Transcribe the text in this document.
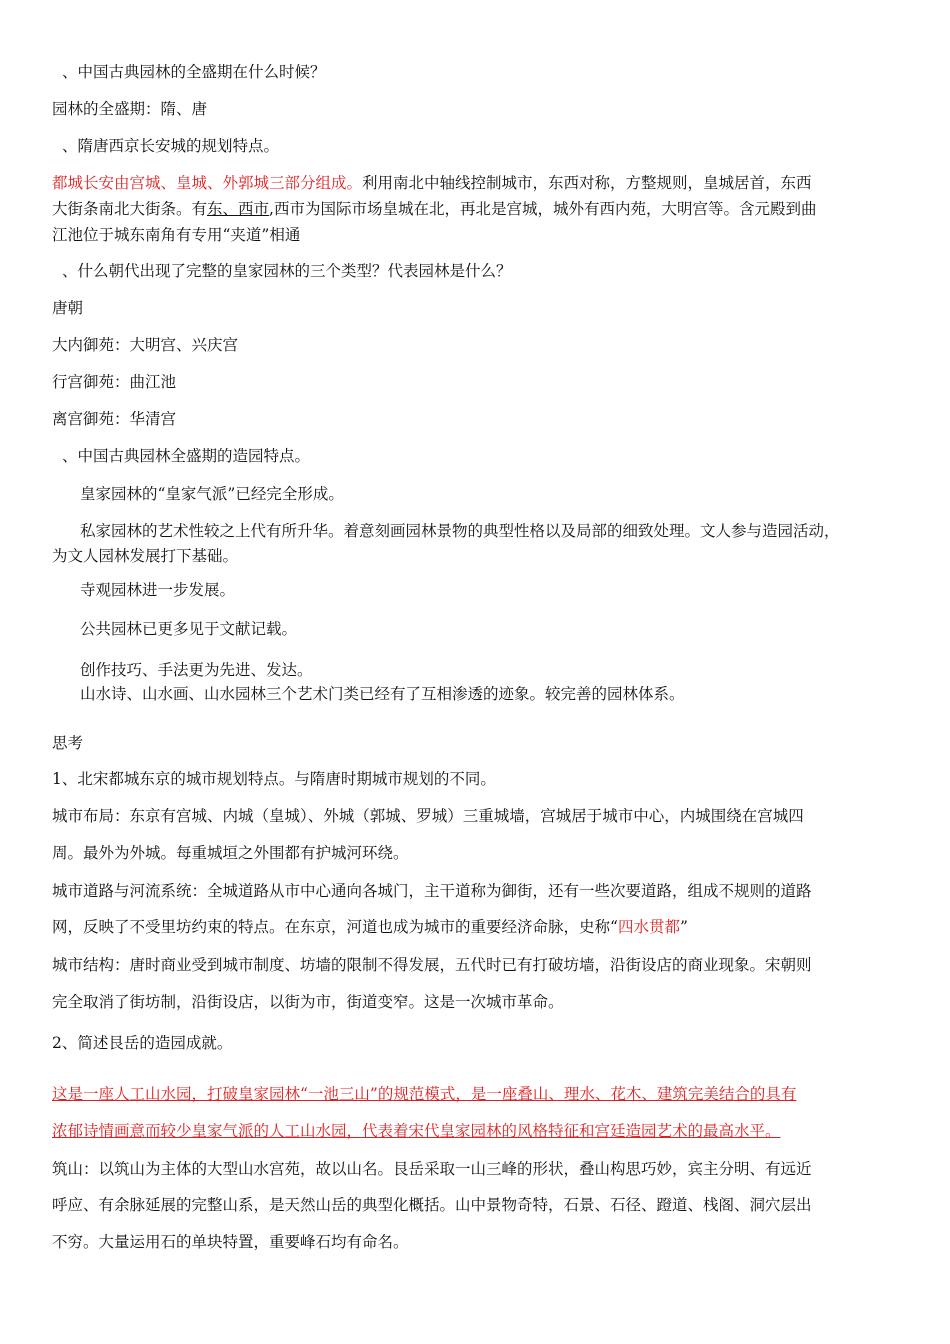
、中国古典园林的全盛期在什么时候？
园林的全盛期：隋、唐
、隋唐西京长安城的规划特点。
都城长安由宫城、皇城、外郭城三部分组成。利用南北中轴线控制城市，东西对称，方整规则，皇城居首，东西
大街条南北大街条。有东、西市,西市为国际市场皇城在北，再北是宫城，城外有西内苑，大明宫等。含元殿到曲
江池位于城东南角有专用“夹道”相通
、什么朝代出现了完整的皇家园林的三个类型？代表园林是什么？
唐朝
大内御苑：大明宫、兴庆宫
行宫御苑：曲江池
离宫御苑：华清宫
、中国古典园林全盛期的造园特点。
皇家园林的“皇家气派”已经完全形成。
私家园林的艺术性较之上代有所升华。着意刻画园林景物的典型性格以及局部的细致处理。文人参与造园活动，
为文人园林发展打下基础。
寺观园林进一步发展。
公共园林已更多见于文献记载。
创作技巧、手法更为先进、发达。
山水诗、山水画、山水园林三个艺术门类已经有了互相渗透的迹象。较完善的园林体系。
思考
1、北宋都城东京的城市规划特点。与隋唐时期城市规划的不同。
城市布局：东京有宫城、内城（皇城）、外城（郭城、罗城）三重城墙，宫城居于城市中心，内城围绕在宫城四
周。最外为外城。每重城垣之外围都有护城河环绕。
城市道路与河流系统：全城道路从市中心通向各城门，主干道称为御街，还有一些次要道路，组成不规则的道路
网，反映了不受里坊约束的特点。在东京，河道也成为城市的重要经济命脉，史称“四水贯都”
城市结构：唐时商业受到城市制度、坊墙的限制不得发展，五代时已有打破坊墙，沿街设店的商业现象。宋朝则
完全取消了街坊制，沿街设店，以街为市，街道变窄。这是一次城市革命。
2、简述艮岳的造园成就。
这是一座人工山水园，打破皇家园林“一池三山”的规范模式，是一座叠山、理水、花木、建筑完美结合的具有
浓郁诗情画意而较少皇家气派的人工山水园，代表着宋代皇家园林的风格特征和宫廷造园艺术的最高水平。
筑山：以筑山为主体的大型山水宫苑，故以山名。艮岳采取一山三峰的形状，叠山构思巧妙，宾主分明、有远近
呼应、有余脉延展的完整山系，是天然山岳的典型化概括。山中景物奇特，石景、石径、蹬道、栈阁、洞穴层出
不穷。大量运用石的单块特置，重要峰石均有命名。
